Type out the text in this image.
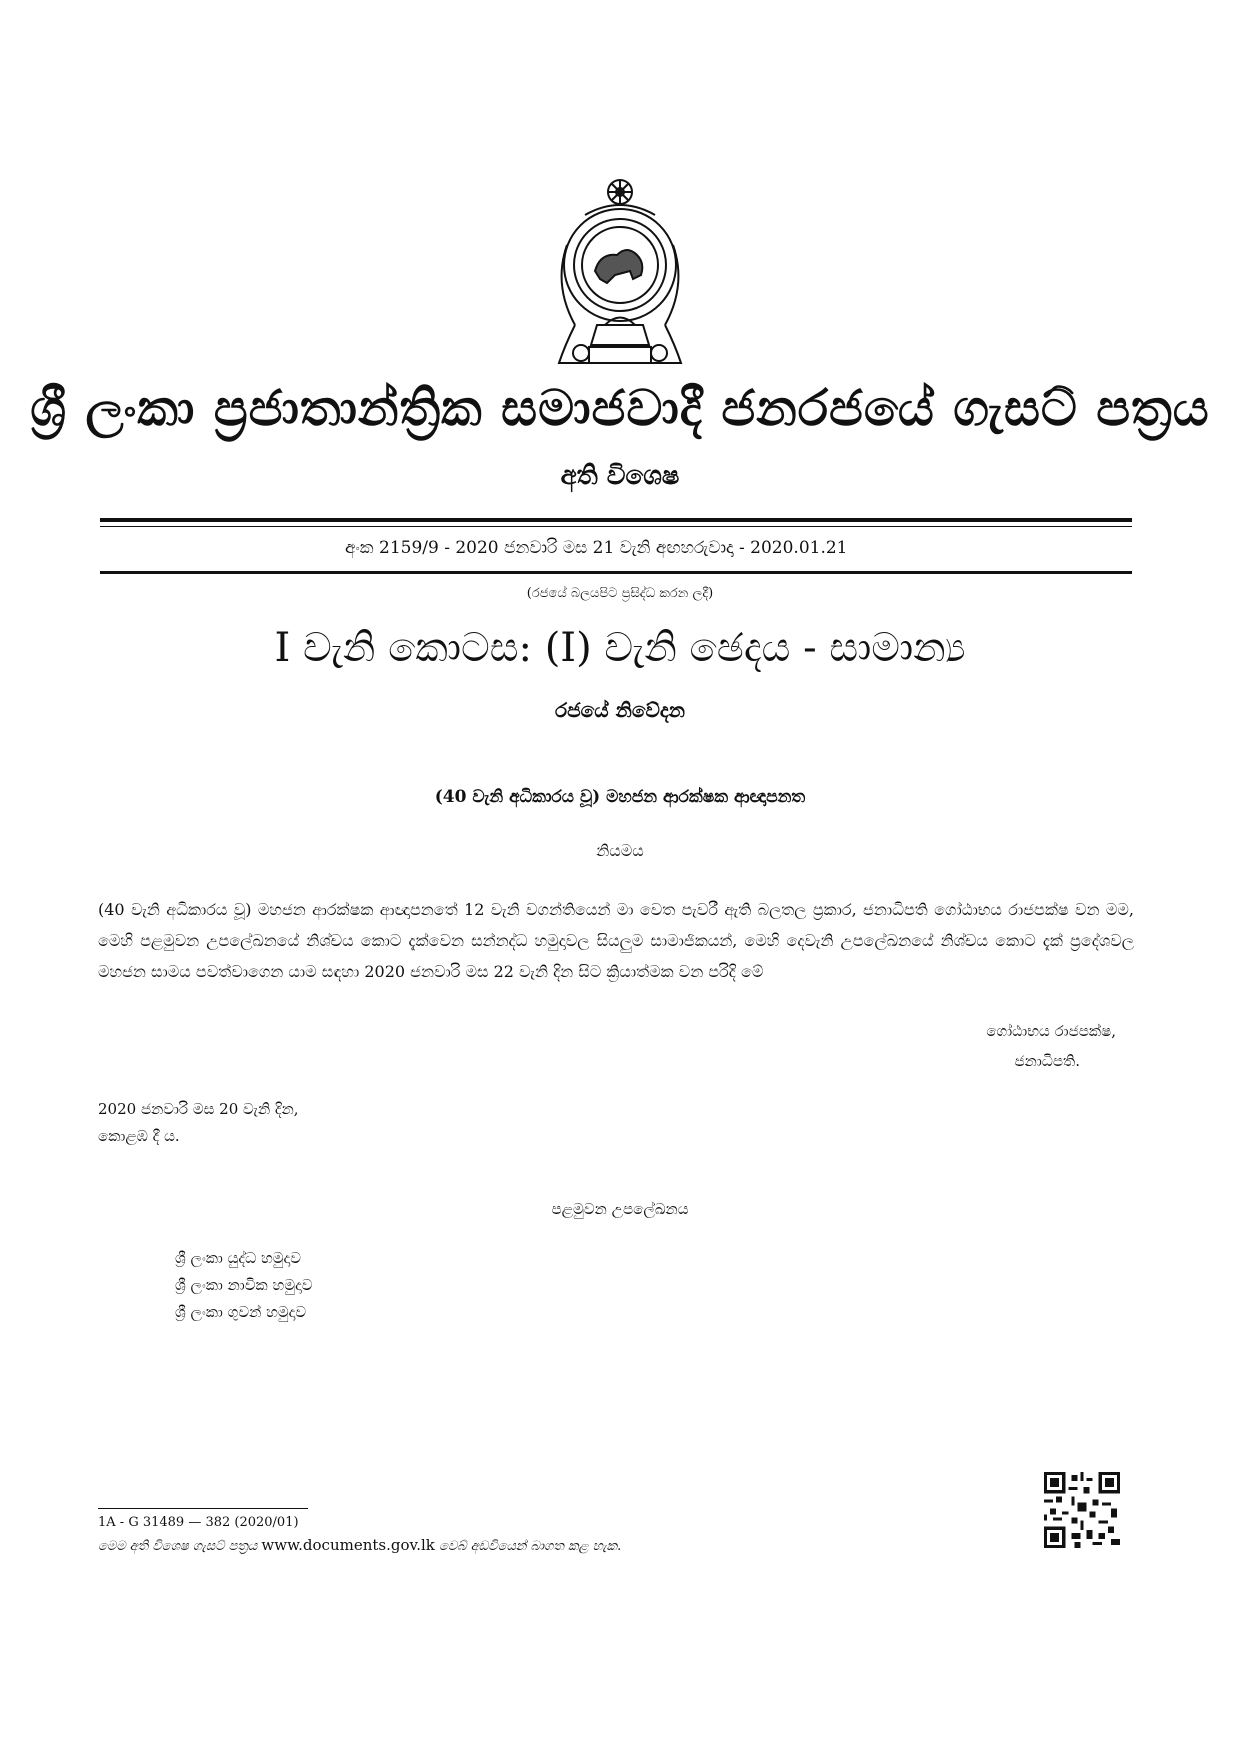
ශ්‍රී ලංකා ප්‍රජාතාන්ත්‍රික සමාජවාදී ජනරජයේ ගැසට් පත්‍රය
අති විශෙෂ
අංක 2159/9 - 2020 ජනවාරි මස 21 වැනි අඟහරුවාදා - 2020.01.21
(රජයේ බලයපිට ප්‍රසිද්ධ කරන ලදී)
I වැනි කොටස: (I) වැනි ඡෙදය - සාමාන්‍ය
රජයේ නිවේදන
(40 වැනි අධිකාරය වූ) මහජන ආරක්ෂක ආඥාපනත
නියමය
(40 වැනි අධිකාරය වූ) මහජන ආරක්ෂක ආඥාපනතේ 12 වැනි වගන්තියෙන් මා වෙත පැවරී ඇති බලතල ප්‍රකාර, ජනාධිපති ගෝඨාභය රාජපක්ෂ වන මම, මෙහි පළමුවන උපලේඛනයේ නිශ්චය කොට දැක්වෙන සන්නද්ධ හමුදාවල සියලුම සාමාජිකයන්, මෙහි දෙවැනි උපලේඛනයේ නිශ්චය කොට දැක් ප්‍රදේශවල මහජන සාමය පවත්වාගෙන යාම සඳහා 2020 ජනවාරි මස 22 වැනි දින සිට ක්‍රියාත්මක වන පරිදි මේ
ගෝඨාභය රාජපක්ෂ,
ජනාධිපති.
2020 ජනවාරි මස 20 වැනි දින,
කොළඹ දී ය.
පළමුවන උපලේඛනය
ශ්‍රී ලංකා යුද්ධ හමුදාව
ශ්‍රී ලංකා නාවික හමුදාව
ශ්‍රී ලංකා ගුවන් හමුදාව
1A - G 31489 — 382 (2020/01)
මෙම අති විශෙෂ ගැසට් පත්‍රය www.documents.gov.lk වෙබ් අඩවියෙන් බාගත කළ හැක.
